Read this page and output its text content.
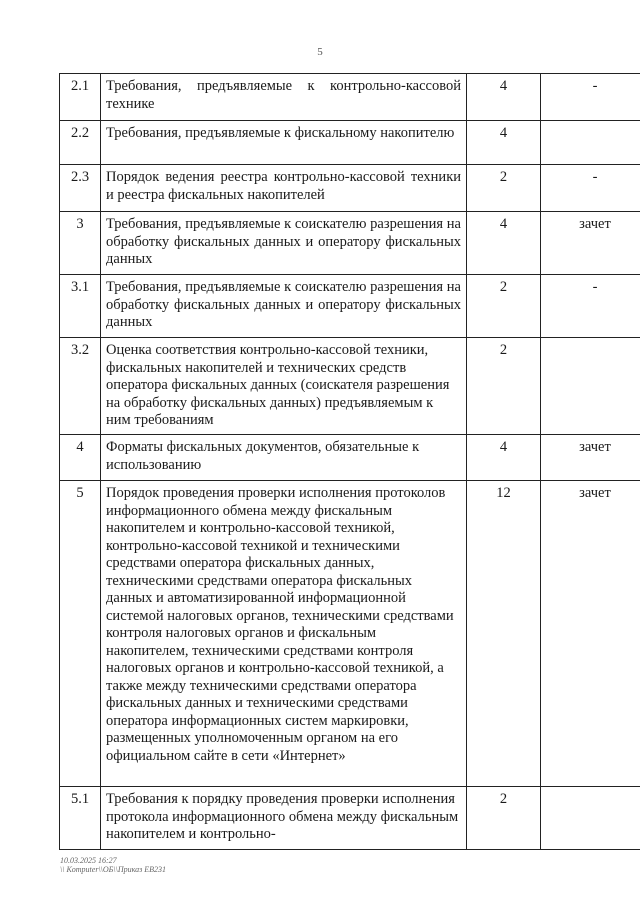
5
2.1	Требования, предъявляемые к контрольно-кассовой технике	4	-
2.2	Требования, предъявляемые к фискальному накопителю	4	
2.3	Порядок ведения реестра контрольно-кассовой техники и реестра фискальных накопителей	2	-
3	Требования, предъявляемые к соискателю разрешения на обработку фискальных данных и оператору фискальных данных	4	зачет
3.1	Требования, предъявляемые к соискателю разрешения на обработку фискальных данных и оператору фискальных данных	2	-
3.2	Оценка соответствия контрольно-кассовой техники, фискальных накопителей и технических средств оператора фискальных данных (соискателя разрешения на обработку фискальных данных) предъявляемым к ним требованиям	2	
4	Форматы фискальных документов, обязательные к использованию	4	зачет
5	Порядок проведения проверки исполнения протоколов информационного обмена между фискальным накопителем и контрольно-кассовой техникой, контрольно-кассовой техникой и техническими средствами оператора фискальных данных, техническими средствами оператора фискальных данных и автоматизированной информационной системой налоговых органов, техническими средствами контроля налоговых органов и фискальным накопителем, техническими средствами контроля налоговых органов и контрольно-кассовой техникой, а также между техническими средствами оператора фискальных данных и техническими средствами оператора информационных систем маркировки, размещенных уполномоченным органом на его официальном сайте в сети «Интернет»	12	зачет
5.1	Требования к порядку проведения проверки исполнения протокола информационного обмена между фискальным накопителем и контрольно-	2	
10.03.2025 16:27
\\ Komputer\\ОБ\\Приказ ЕВ231
